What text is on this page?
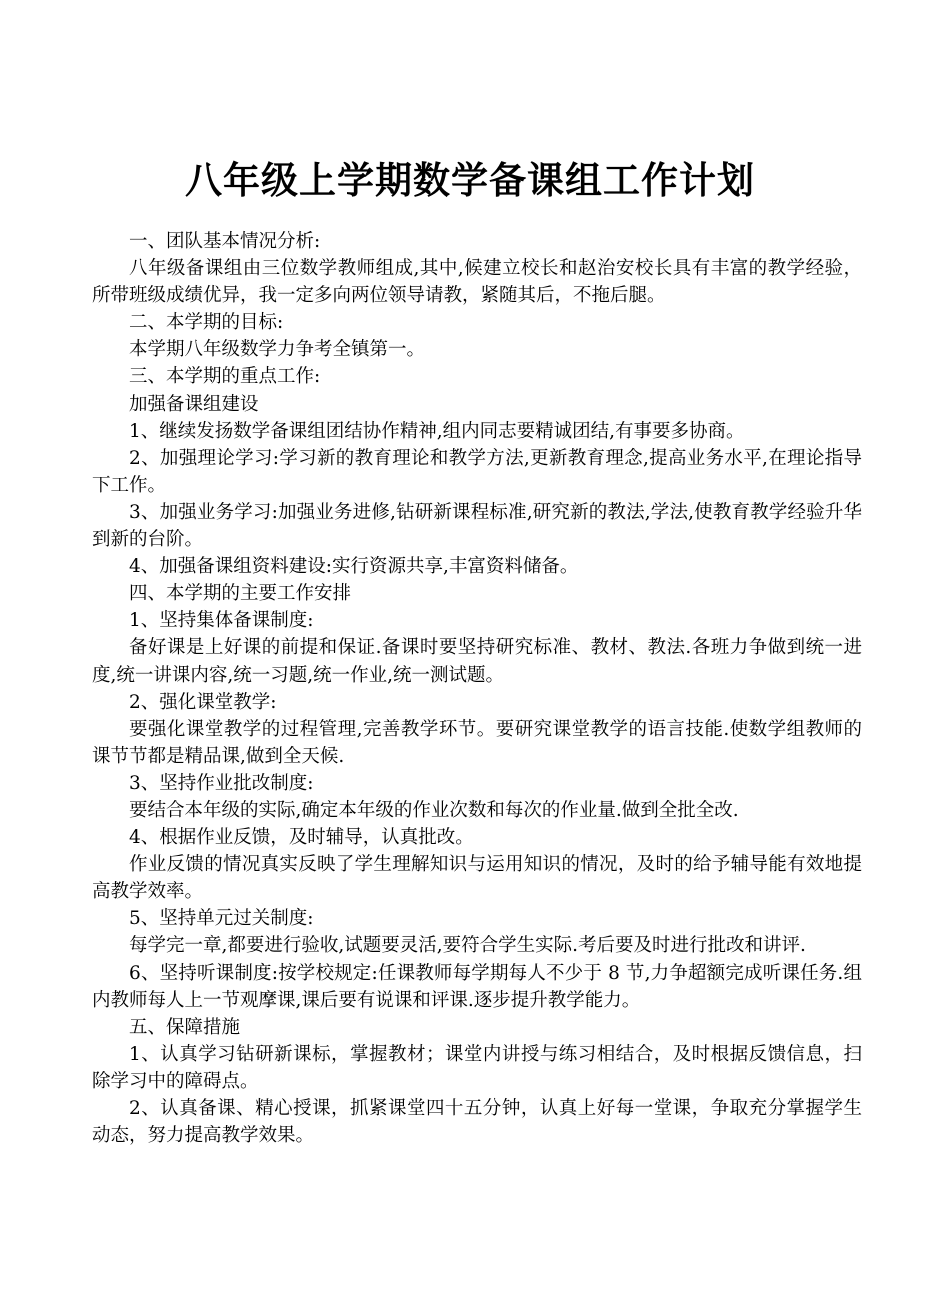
八年级上学期数学备课组工作计划

一、团队基本情况分析:

八年级备课组由三位数学教师组成,其中,候建立校长和赵治安校长具有丰富的教学经验，所带班级成绩优异，我一定多向两位领导请教，紧随其后，不拖后腿。

二、本学期的目标:

本学期八年级数学力争考全镇第一。

三、本学期的重点工作:

加强备课组建设

1、继续发扬数学备课组团结协作精神,组内同志要精诚团结,有事要多协商。

2、加强理论学习:学习新的教育理论和教学方法,更新教育理念,提高业务水平,在理论指导下工作。

3、加强业务学习:加强业务进修,钻研新课程标准,研究新的教法,学法,使教育教学经验升华到新的台阶。

4、加强备课组资料建设:实行资源共享,丰富资料储备。

四、本学期的主要工作安排

1、坚持集体备课制度:

备好课是上好课的前提和保证.备课时要坚持研究标准、教材、教法.各班力争做到统一进度,统一讲课内容,统一习题,统一作业,统一测试题。

2、强化课堂教学:

要强化课堂教学的过程管理,完善教学环节。要研究课堂教学的语言技能.使数学组教师的课节节都是精品课,做到全天候.

3、坚持作业批改制度:

要结合本年级的实际,确定本年级的作业次数和每次的作业量.做到全批全改.

4、根据作业反馈，及时辅导，认真批改。

作业反馈的情况真实反映了学生理解知识与运用知识的情况，及时的给予辅导能有效地提高教学效率。

5、坚持单元过关制度:

每学完一章,都要进行验收,试题要灵活,要符合学生实际.考后要及时进行批改和讲评.

6、坚持听课制度:按学校规定:任课教师每学期每人不少于 8 节,力争超额完成听课任务.组内教师每人上一节观摩课,课后要有说课和评课.逐步提升教学能力。

五、保障措施

1、认真学习钻研新课标，掌握教材；课堂内讲授与练习相结合，及时根据反馈信息，扫除学习中的障碍点。

2、认真备课、精心授课，抓紧课堂四十五分钟，认真上好每一堂课，争取充分掌握学生动态，努力提高教学效果。
